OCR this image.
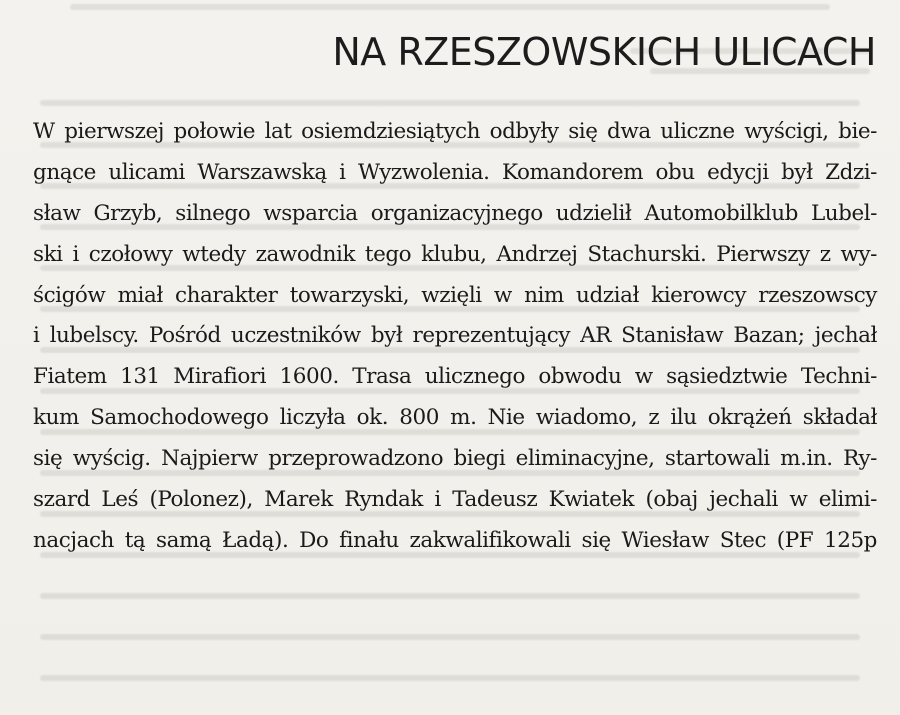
NA RZESZOWSKICH ULICACH
W pierwszej połowie lat osiemdziesiątych odbyły się dwa uliczne wyścigi, bie-
gnące ulicami Warszawską i Wyzwolenia. Komandorem obu edycji był Zdzi-
sław Grzyb, silnego wsparcia organizacyjnego udzielił Automobilklub Lubel-
ski i czołowy wtedy zawodnik tego klubu, Andrzej Stachurski. Pierwszy z wy-
ścigów miał charakter towarzyski, wzięli w nim udział kierowcy rzeszowscy
i lubelscy. Pośród uczestników był reprezentujący AR Stanisław Bazan; jechał
Fiatem 131 Mirafiori 1600. Trasa ulicznego obwodu w sąsiedztwie Techni-
kum Samochodowego liczyła ok. 800 m. Nie wiadomo, z ilu okrążeń składał
się wyścig. Najpierw przeprowadzono biegi eliminacyjne, startowali m.in. Ry-
szard Leś (Polonez), Marek Ryndak i Tadeusz Kwiatek (obaj jechali w elimi-
nacjach tą samą Ładą). Do finału zakwalifikowali się Wiesław Stec (PF 125p
